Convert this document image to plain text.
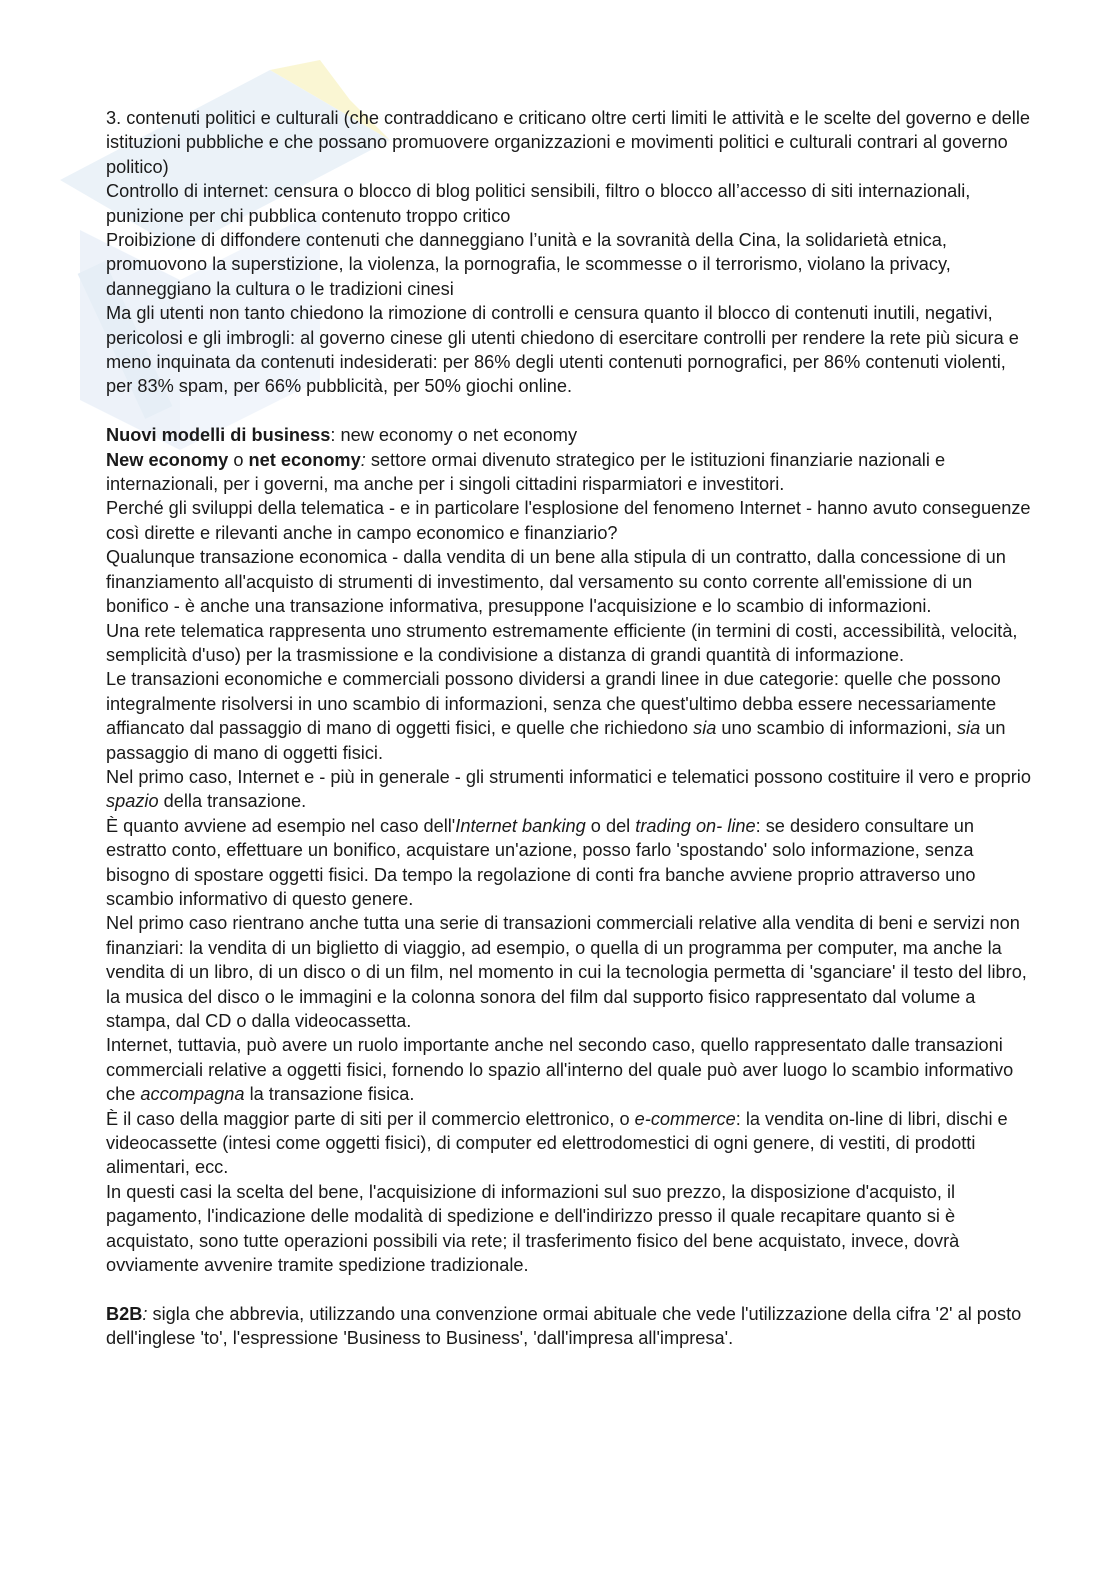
3. contenuti politici e culturali (che contraddicano e criticano oltre certi limiti le attività e le scelte del governo e delle istituzioni pubbliche e che possano promuovere organizzazioni e movimenti politici e culturali contrari al governo politico)

Controllo di internet: censura o blocco di blog politici sensibili, filtro o blocco all’accesso di siti internazionali, punizione per chi pubblica contenuto troppo critico

Proibizione di diffondere contenuti che danneggiano l’unità e la sovranità della Cina, la solidarietà etnica, promuovono la superstizione, la violenza, la pornografia, le scommesse o il terrorismo, violano la privacy, danneggiano la cultura o le tradizioni cinesi

Ma gli utenti non tanto chiedono la rimozione di controlli e censura quanto il blocco di contenuti inutili, negativi, pericolosi e gli imbrogli: al governo cinese gli utenti chiedono di esercitare controlli per rendere la rete più sicura e meno inquinata da contenuti indesiderati: per 86% degli utenti contenuti pornografici, per 86% contenuti violenti, per 83% spam, per 66% pubblicità, per 50% giochi online.

Nuovi modelli di business: new economy o net economy

New economy o net economy: settore ormai divenuto strategico per le istituzioni finanziarie nazionali e internazionali, per i governi, ma anche per i singoli cittadini risparmiatori e investitori.

Perché gli sviluppi della telematica - e in particolare l'esplosione del fenomeno Internet - hanno avuto conseguenze così dirette e rilevanti anche in campo economico e finanziario?

Qualunque transazione economica - dalla vendita di un bene alla stipula di un contratto, dalla concessione di un finanziamento all'acquisto di strumenti di investimento, dal versamento su conto corrente all'emissione di un bonifico - è anche una transazione informativa, presuppone l'acquisizione e lo scambio di informazioni.

Una rete telematica rappresenta uno strumento estremamente efficiente (in termini di costi, accessibilità, velocità, semplicità d'uso) per la trasmissione e la condivisione a distanza di grandi quantità di informazione.

Le transazioni economiche e commerciali possono dividersi a grandi linee in due categorie: quelle che possono integralmente risolversi in uno scambio di informazioni, senza che quest'ultimo debba essere necessariamente affiancato dal passaggio di mano di oggetti fisici, e quelle che richiedono sia uno scambio di informazioni, sia un passaggio di mano di oggetti fisici.

Nel primo caso, Internet e - più in generale - gli strumenti informatici e telematici possono costituire il vero e proprio spazio della transazione.

È quanto avviene ad esempio nel caso dell'Internet banking o del trading on- line: se desidero consultare un estratto conto, effettuare un bonifico, acquistare un'azione, posso farlo 'spostando' solo informazione, senza bisogno di spostare oggetti fisici. Da tempo la regolazione di conti fra banche avviene proprio attraverso uno scambio informativo di questo genere.

Nel primo caso rientrano anche tutta una serie di transazioni commerciali relative alla vendita di beni e servizi non finanziari: la vendita di un biglietto di viaggio, ad esempio, o quella di un programma per computer, ma anche la vendita di un libro, di un disco o di un film, nel momento in cui la tecnologia permetta di 'sganciare' il testo del libro, la musica del disco o le immagini e la colonna sonora del film dal supporto fisico rappresentato dal volume a stampa, dal CD o dalla videocassetta.

Internet, tuttavia, può avere un ruolo importante anche nel secondo caso, quello rappresentato dalle transazioni commerciali relative a oggetti fisici, fornendo lo spazio all'interno del quale può aver luogo lo scambio informativo che accompagna la transazione fisica.

È il caso della maggior parte di siti per il commercio elettronico, o e-commerce: la vendita on-line di libri, dischi e videocassette (intesi come oggetti fisici), di computer ed elettrodomestici di ogni genere, di vestiti, di prodotti alimentari, ecc.

In questi casi la scelta del bene, l'acquisizione di informazioni sul suo prezzo, la disposizione d'acquisto, il pagamento, l'indicazione delle modalità di spedizione e dell'indirizzo presso il quale recapitare quanto si è acquistato, sono tutte operazioni possibili via rete; il trasferimento fisico del bene acquistato, invece, dovrà ovviamente avvenire tramite spedizione tradizionale.

B2B: sigla che abbrevia, utilizzando una convenzione ormai abituale che vede l'utilizzazione della cifra '2' al posto dell'inglese 'to', l'espressione 'Business to Business', 'dall'impresa all'impresa'.
